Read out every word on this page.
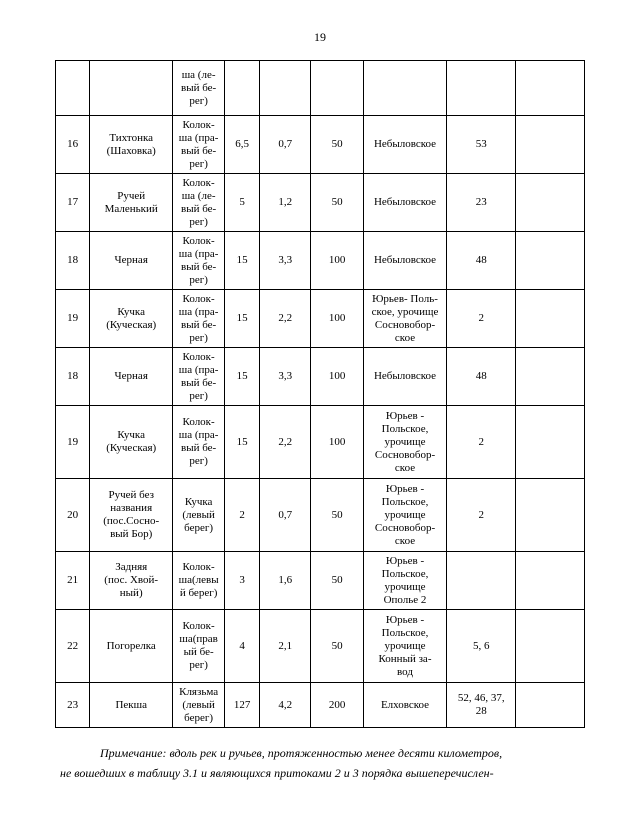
19
		ша (ле-
вый бе-
рег)						
16	Тихтонка
(Шаховка)	Колок-
ша (пра-
вый бе-
рег)	6,5	0,7	50	Небыловское	53	
17	Ручей
Маленький	Колок-
ша (ле-
вый бе-
рег)	5	1,2	50	Небыловское	23	
18	Черная	Колок-
ша (пра-
вый бе-
рег)	15	3,3	100	Небыловское	48	
19	Кучка
(Куческая)	Колок-
ша (пра-
вый бе-
рег)	15	2,2	100	Юрьев- Поль-
ское, урочище
Сосновобор-
ское	2	
18	Черная	Колок-
ша (пра-
вый бе-
рег)	15	3,3	100	Небыловское	48	
19	Кучка
(Куческая)	Колок-
ша (пра-
вый бе-
рег)	15	2,2	100	Юрьев -
Польское,
урочище
Сосновобор-
ское	2	
20	Ручей без
названия
(пос.Сосно-
вый Бор)	Кучка
(левый
берег)	2	0,7	50	Юрьев -
Польское,
урочище
Сосновобор-
ское	2	
21	Задняя
(пос. Хвой-
ный)	Колок-
ша(левы
й берег)	3	1,6	50	Юрьев -
Польское,
урочище
Ополье 2		
22	Погорелка	Колок-
ша(прав
ый бе-
рег)	4	2,1	50	Юрьев -
Польское,
урочище
Конный за-
вод	5, 6	
23	Пекша	Клязьма
(левый
берег)	127	4,2	200	Елховское	52, 46, 37,
28	

Примечание: вдоль рек и ручьев, протяженностью менее десяти километров,

не вошедших в таблицу 3.1 и являющихся притоками 2 и 3 порядка вышеперечислен-
